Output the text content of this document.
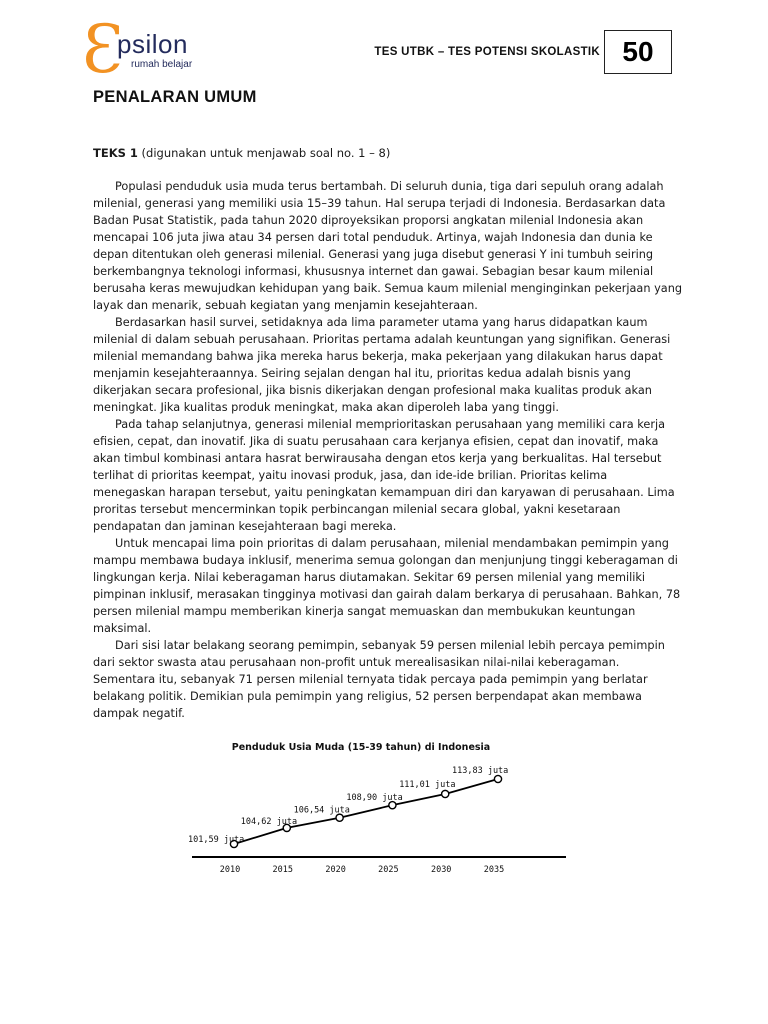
Ɛ
psilon
rumah belajar
TES UTBK – TES POTENSI SKOLASTIK 50
PENALARAN UMUM
TEKS 1 (digunakan untuk menjawab soal no. 1 – 8)

Populasi penduduk usia muda terus bertambah. Di seluruh dunia, tiga dari sepuluh orang adalah milenial, generasi yang memiliki usia 15–39 tahun. Hal serupa terjadi di Indonesia. Berdasarkan data Badan Pusat Statistik, pada tahun 2020 diproyeksikan proporsi angkatan milenial Indonesia akan mencapai 106 juta jiwa atau 34 persen dari total penduduk. Artinya, wajah Indonesia dan dunia ke depan ditentukan oleh generasi milenial. Generasi yang juga disebut generasi Y ini tumbuh seiring berkembangnya teknologi informasi, khususnya internet dan gawai. Sebagian besar kaum milenial berusaha keras mewujudkan kehidupan yang baik. Semua kaum milenial menginginkan pekerjaan yang layak dan menarik, sebuah kegiatan yang menjamin kesejahteraan.

Berdasarkan hasil survei, setidaknya ada lima parameter utama yang harus didapatkan kaum milenial di dalam sebuah perusahaan. Prioritas pertama adalah keuntungan yang signifikan. Generasi milenial memandang bahwa jika mereka harus bekerja, maka pekerjaan yang dilakukan harus dapat menjamin kesejahteraannya. Seiring sejalan dengan hal itu, prioritas kedua adalah bisnis yang dikerjakan secara profesional, jika bisnis dikerjakan dengan profesional maka kualitas produk akan meningkat. Jika kualitas produk meningkat, maka akan diperoleh laba yang tinggi.

Pada tahap selanjutnya, generasi milenial memprioritaskan perusahaan yang memiliki cara kerja efisien, cepat, dan inovatif. Jika di suatu perusahaan cara kerjanya efisien, cepat dan inovatif, maka akan timbul kombinasi antara hasrat berwirausaha dengan etos kerja yang berkualitas. Hal tersebut terlihat di prioritas keempat, yaitu inovasi produk, jasa, dan ide-ide brilian. Prioritas kelima menegaskan harapan tersebut, yaitu peningkatan kemampuan diri dan karyawan di perusahaan. Lima proritas tersebut mencerminkan topik perbincangan milenial secara global, yakni kesetaraan pendapatan dan jaminan kesejahteraan bagi mereka.

Untuk mencapai lima poin prioritas di dalam perusahaan, milenial mendambakan pemimpin yang mampu membawa budaya inklusif, menerima semua golongan dan menjunjung tinggi keberagaman di lingkungan kerja. Nilai keberagaman harus diutamakan. Sekitar 69 persen milenial yang memiliki pimpinan inklusif, merasakan tingginya motivasi dan gairah dalam berkarya di perusahaan. Bahkan, 78 persen milenial mampu memberikan kinerja sangat memuaskan dan membukukan keuntungan maksimal.

Dari sisi latar belakang seorang pemimpin, sebanyak 59 persen milenial lebih percaya pemimpin dari sektor swasta atau perusahaan non-profit untuk merealisasikan nilai-nilai keberagaman. Sementara itu, sebanyak 71 persen milenial ternyata tidak percaya pada pemimpin yang berlatar belakang politik. Demikian pula pemimpin yang religius, 52 persen berpendapat akan membawa dampak negatif.

Penduduk Usia Muda (15-39 tahun) di Indonesia
101,59 juta
2010
104,62 juta
2015
106,54 juta
2020
108,90 juta
2025
111,01 juta
2030
113,83 juta
2035
